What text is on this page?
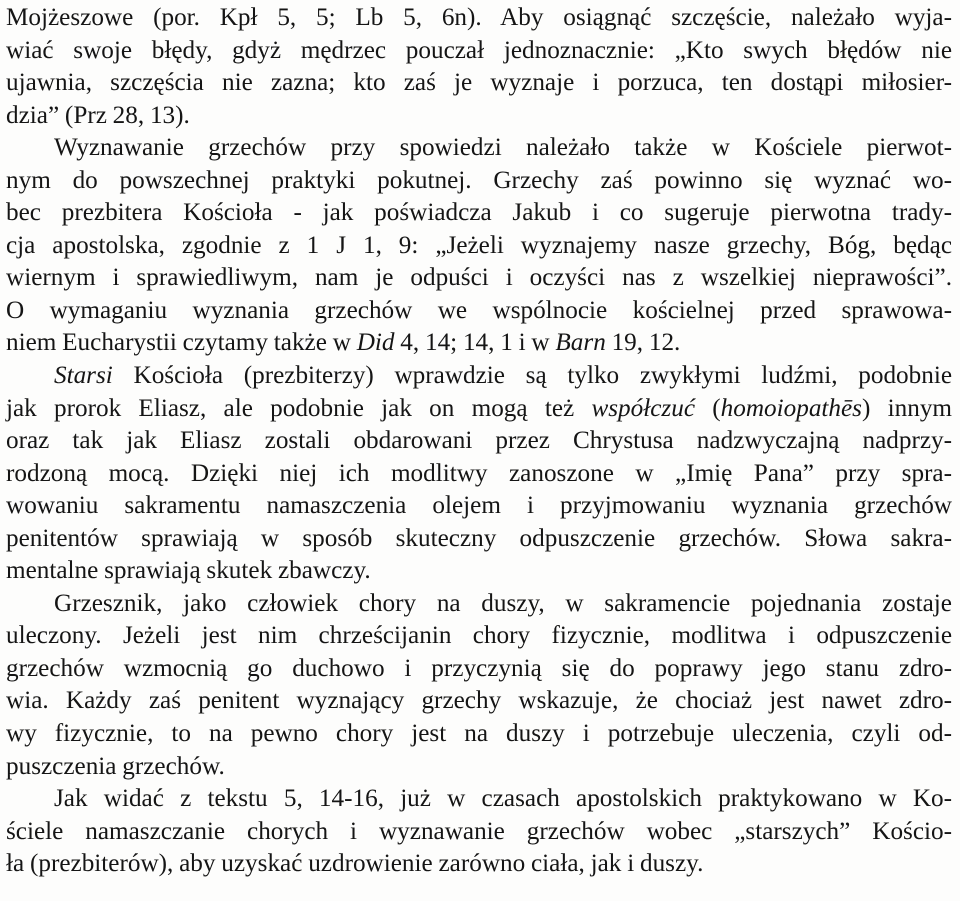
Mojżeszowe (por. Kpł 5, 5; Lb 5, 6n). Aby osiągnąć szczęście, należało wyja-
wiać swoje błędy, gdyż mędrzec pouczał jednoznacznie: „Kto swych błędów nie
ujawnia, szczęścia nie zazna; kto zaś je wyznaje i porzuca, ten dostąpi miłosier-
dzia” (Prz 28, 13).
Wyznawanie grzechów przy spowiedzi należało także w Kościele pierwot-
nym do powszechnej praktyki pokutnej. Grzechy zaś powinno się wyznać wo-
bec prezbitera Kościoła - jak poświadcza Jakub i co sugeruje pierwotna trady-
cja apostolska, zgodnie z 1 J 1, 9: „Jeżeli wyznajemy nasze grzechy, Bóg, będąc
wiernym i sprawiedliwym, nam je odpuści i oczyści nas z wszelkiej nieprawości”.
O wymaganiu wyznania grzechów we wspólnocie kościelnej przed sprawowa-
niem Eucharystii czytamy także w Did 4, 14; 14, 1 i w Barn 19, 12.
Starsi Kościoła (prezbiterzy) wprawdzie są tylko zwykłymi ludźmi, podobnie
jak prorok Eliasz, ale podobnie jak on mogą też współczuć (homoiopathēs) innym
oraz tak jak Eliasz zostali obdarowani przez Chrystusa nadzwyczajną nadprzy-
rodzoną mocą. Dzięki niej ich modlitwy zanoszone w „Imię Pana” przy spra-
wowaniu sakramentu namaszczenia olejem i przyjmowaniu wyznania grzechów
penitentów sprawiają w sposób skuteczny odpuszczenie grzechów. Słowa sakra-
mentalne sprawiają skutek zbawczy.
Grzesznik, jako człowiek chory na duszy, w sakramencie pojednania zostaje
uleczony. Jeżeli jest nim chrześcijanin chory fizycznie, modlitwa i odpuszczenie
grzechów wzmocnią go duchowo i przyczynią się do poprawy jego stanu zdro-
wia. Każdy zaś penitent wyznający grzechy wskazuje, że chociaż jest nawet zdro-
wy fizycznie, to na pewno chory jest na duszy i potrzebuje uleczenia, czyli od-
puszczenia grzechów.
Jak widać z tekstu 5, 14-16, już w czasach apostolskich praktykowano w Ko-
ściele namaszczanie chorych i wyznawanie grzechów wobec „starszych” Kościo-
ła (prezbiterów), aby uzyskać uzdrowienie zarówno ciała, jak i duszy.
